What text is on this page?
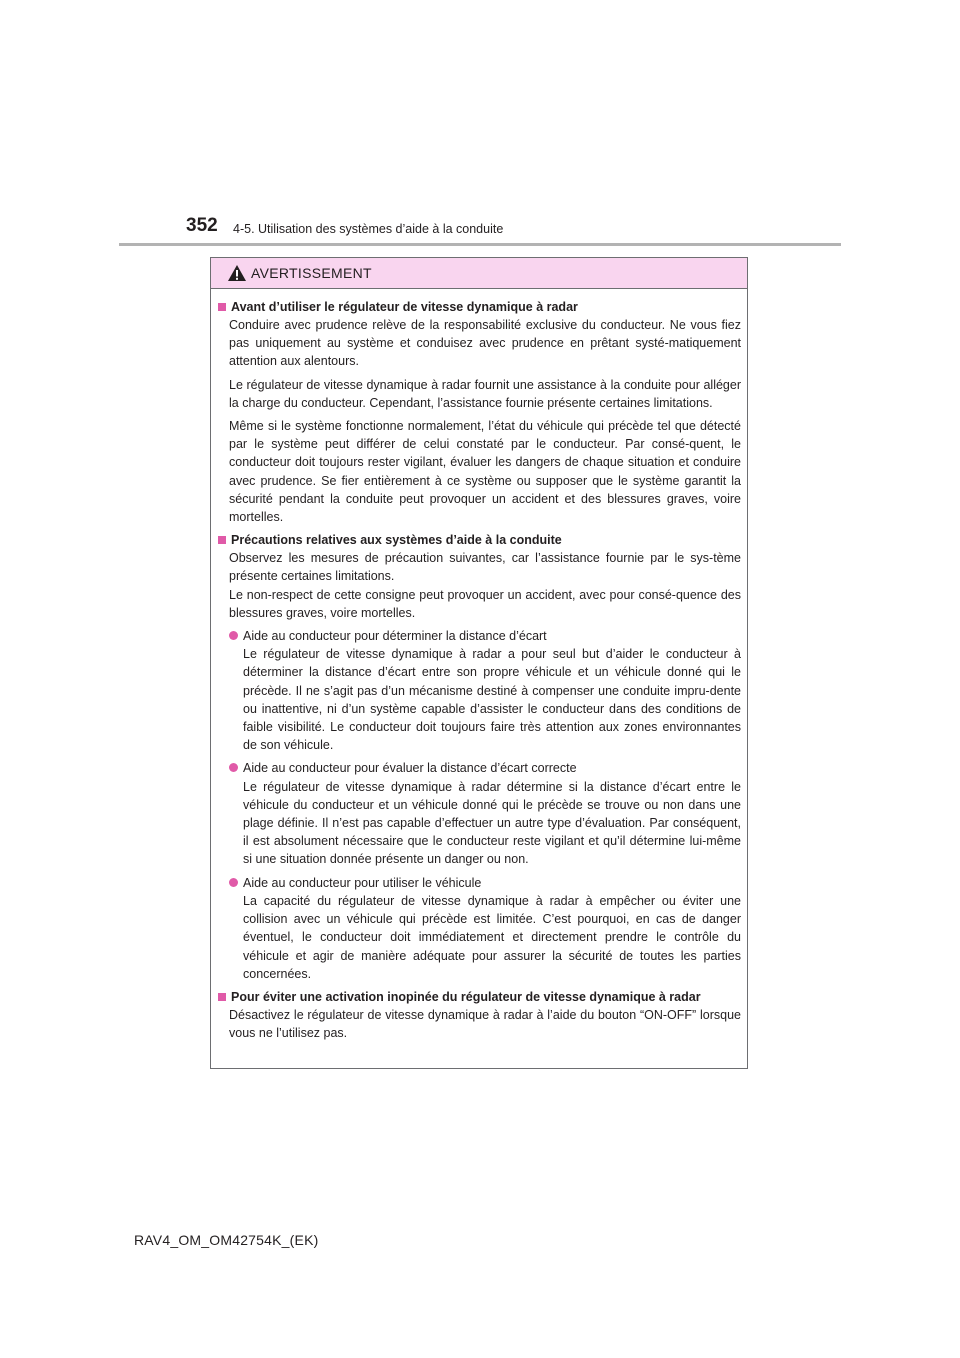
352 4-5. Utilisation des systèmes d’aide à la conduite
AVERTISSEMENT
Avant d’utiliser le régulateur de vitesse dynamique à radar

Conduire avec prudence relève de la responsabilité exclusive du conducteur. Ne vous fiez pas uniquement au système et conduisez avec prudence en prêtant systé-matiquement attention aux alentours.

Le régulateur de vitesse dynamique à radar fournit une assistance à la conduite pour alléger la charge du conducteur. Cependant, l’assistance fournie présente certaines limitations.

Même si le système fonctionne normalement, l’état du véhicule qui précède tel que détecté par le système peut différer de celui constaté par le conducteur. Par consé-quent, le conducteur doit toujours rester vigilant, évaluer les dangers de chaque situation et conduire avec prudence. Se fier entièrement à ce système ou supposer que le système garantit la sécurité pendant la conduite peut provoquer un accident et des blessures graves, voire mortelles.

Précautions relatives aux systèmes d’aide à la conduite

Observez les mesures de précaution suivantes, car l’assistance fournie par le sys-tème présente certaines limitations.

Le non-respect de cette consigne peut provoquer un accident, avec pour consé-quence des blessures graves, voire mortelles.

Aide au conducteur pour déterminer la distance d’écart
Le régulateur de vitesse dynamique à radar a pour seul but d’aider le conducteur à déterminer la distance d’écart entre son propre véhicule et un véhicule donné qui le précède. Il ne s’agit pas d’un mécanisme destiné à compenser une conduite impru-dente ou inattentive, ni d’un système capable d’assister le conducteur dans des conditions de faible visibilité. Le conducteur doit toujours faire très attention aux zones environnantes de son véhicule.
Aide au conducteur pour évaluer la distance d’écart correcte
Le régulateur de vitesse dynamique à radar détermine si la distance d’écart entre le véhicule du conducteur et un véhicule donné qui le précède se trouve ou non dans une plage définie. Il n’est pas capable d’effectuer un autre type d’évaluation. Par conséquent, il est absolument nécessaire que le conducteur reste vigilant et qu’il détermine lui-même si une situation donnée présente un danger ou non.
Aide au conducteur pour utiliser le véhicule
La capacité du régulateur de vitesse dynamique à radar à empêcher ou éviter une collision avec un véhicule qui précède est limitée. C’est pourquoi, en cas de danger éventuel, le conducteur doit immédiatement et directement prendre le contrôle du véhicule et agir de manière adéquate pour assurer la sécurité de toutes les parties concernées.
Pour éviter une activation inopinée du régulateur de vitesse dynamique à radar

Désactivez le régulateur de vitesse dynamique à radar à l’aide du bouton “ON-OFF” lorsque vous ne l’utilisez pas.

RAV4_OM_OM42754K_(EK)
